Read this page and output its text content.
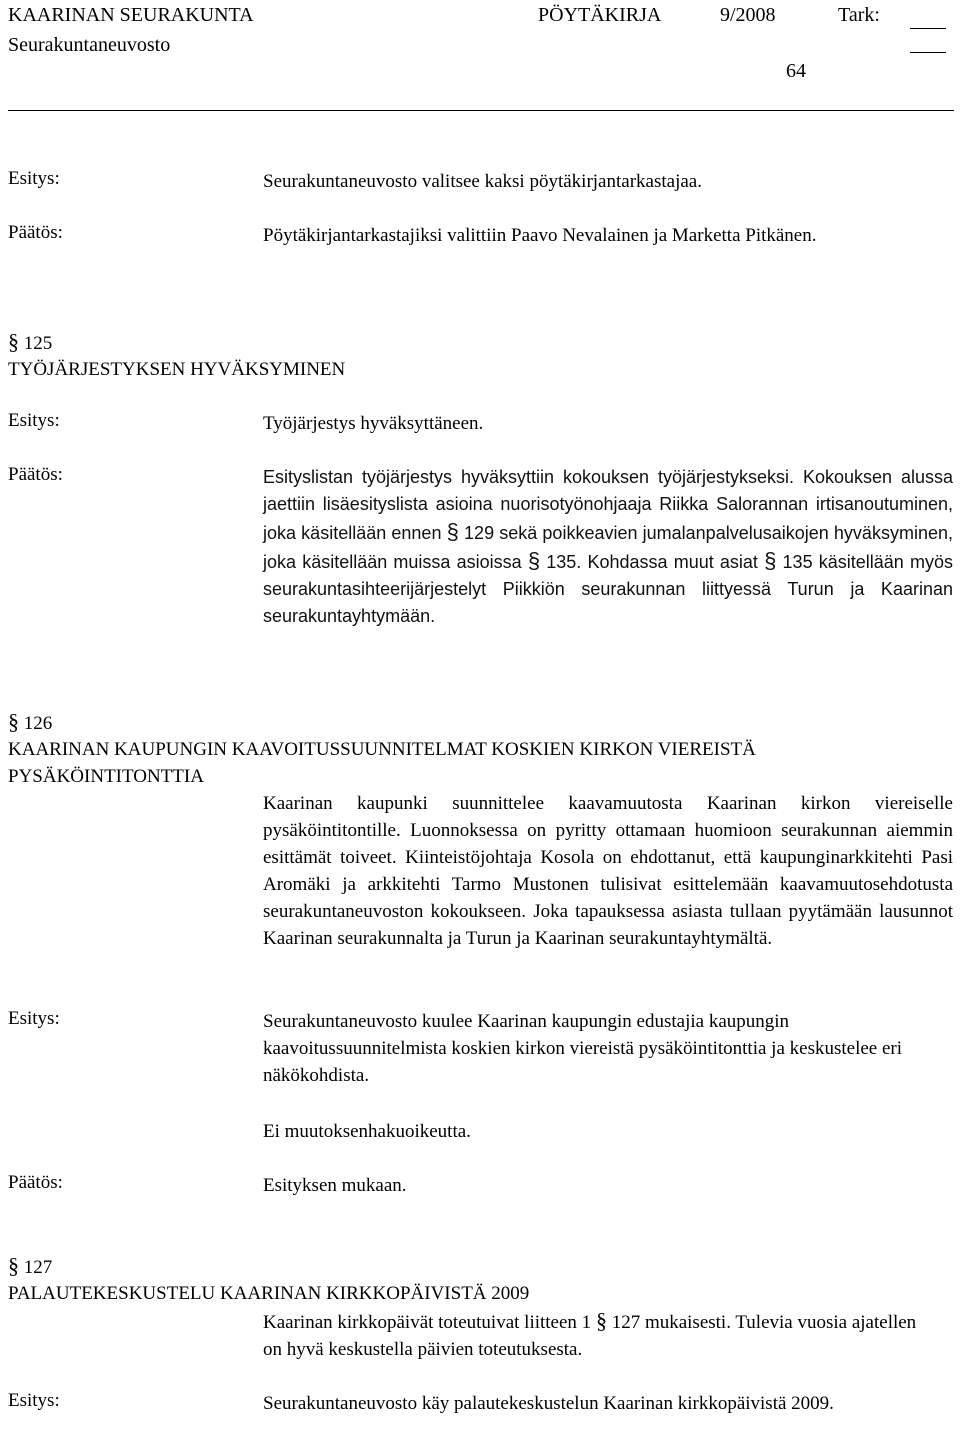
KAARINAN SEURAKUNTA	PÖYTÄKIRJA	9/2008	Tark:
Seurakuntaneuvosto
64
Esitys:	Seurakuntaneuvosto valitsee kaksi pöytäkirjantarkastajaa.
Päätös:	Pöytäkirjantarkastajiksi valittiin Paavo Nevalainen ja Marketta Pitkänen.
§ 125
TYÖJÄRJESTYKSEN HYVÄKSYMINEN
Esitys:	Työjärjestys hyväksyttäneen.
Päätös:	Esityslistan työjärjestys hyväksyttiin kokouksen työjärjestykseksi. Kokouksen alussa jaettiin lisäesityslista asioina nuorisotyönohjaaja Riikka Salorannan irtisanoutuminen, joka käsitellään ennen § 129 sekä poikkeavien jumalanpalvelusaikojen hyväksyminen, joka käsitellään muissa asioissa § 135. Kohdassa muut asiat § 135 käsitellään myös seurakuntasihteerijärjestelyt Piikkiön seurakunnan liittyessä Turun ja Kaarinan seurakuntayhtymään.
§ 126
KAARINAN KAUPUNGIN KAAVOITUSSUUNNITELMAT KOSKIEN KIRKON VIEREISTÄ
PYSÄKÖINTITONTTIA
Kaarinan kaupunki suunnittelee kaavamuutosta Kaarinan kirkon viereiselle pysäköintitontille. Luonnoksessa on pyritty ottamaan huomioon seurakunnan aiemmin esittämät toiveet. Kiinteistöjohtaja Kosola on ehdottanut, että kaupunginarkkitehti Pasi Aromäki ja arkkitehti Tarmo Mustonen tulisivat esittelemään kaavamuutosehdotusta seurakuntaneuvoston kokoukseen. Joka tapauksessa asiasta tullaan pyytämään lausunnot Kaarinan seurakunnalta ja Turun ja Kaarinan seurakuntayhtymältä.
Esitys:	Seurakuntaneuvosto kuulee Kaarinan kaupungin edustajia kaupungin kaavoitussuunnitelmista koskien kirkon viereistä pysäköintitonttia ja keskustelee eri näkökohdista.
Ei muutoksenhakuoikeutta.
Päätös:	Esityksen mukaan.
§ 127
PALAUTEKESKUSTELU KAARINAN KIRKKOPÄIVISTÄ 2009
Kaarinan kirkkopäivät toteutuivat liitteen 1 § 127 mukaisesti. Tulevia vuosia ajatellen on hyvä keskustella päivien toteutuksesta.
Esitys:	Seurakuntaneuvosto käy palautekeskustelun Kaarinan kirkkopäivistä 2009.
